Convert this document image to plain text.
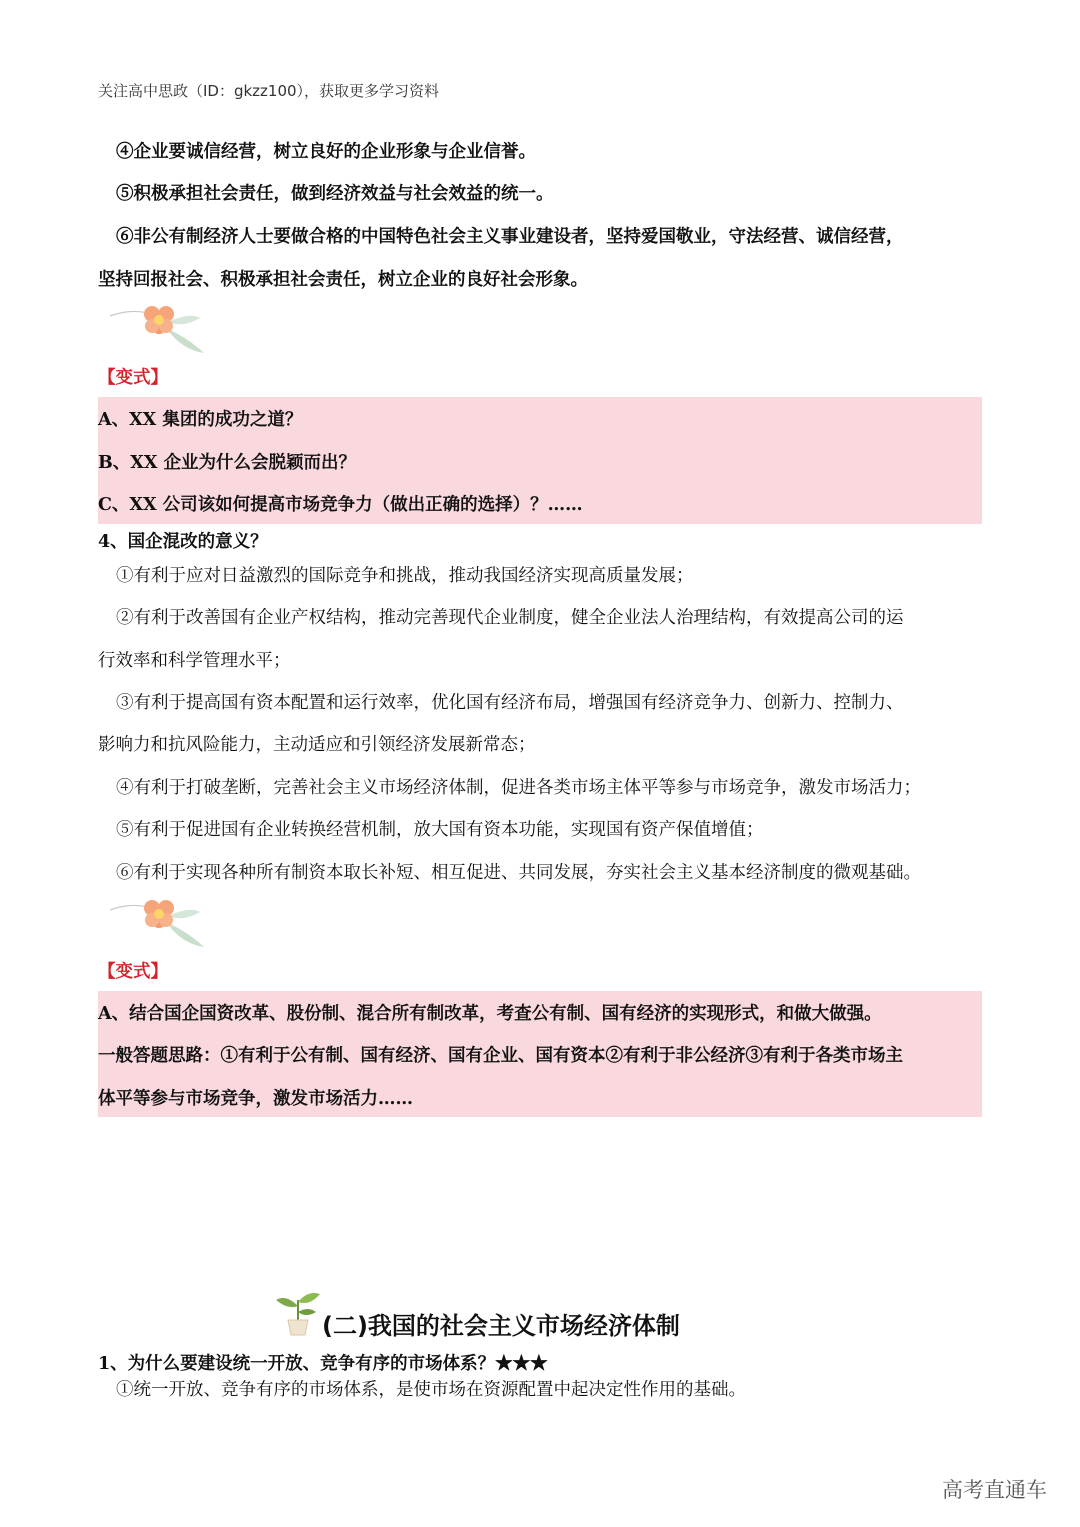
关注高中思政（ID：gkzz100），获取更多学习资料
④企业要诚信经营，树立良好的企业形象与企业信誉。
⑤积极承担社会责任，做到经济效益与社会效益的统一。
⑥非公有制经济人士要做合格的中国特色社会主义事业建设者，坚持爱国敬业，守法经营、诚信经营，
坚持回报社会、积极承担社会责任，树立企业的良好社会形象。
【变式】
A、XX 集团的成功之道？
B、XX 企业为什么会脱颖而出？
C、XX 公司该如何提高市场竞争力（做出正确的选择）？……
4、国企混改的意义？
①有利于应对日益激烈的国际竞争和挑战，推动我国经济实现高质量发展；
②有利于改善国有企业产权结构，推动完善现代企业制度，健全企业法人治理结构，有效提高公司的运
行效率和科学管理水平；
③有利于提高国有资本配置和运行效率，优化国有经济布局，增强国有经济竞争力、创新力、控制力、
影响力和抗风险能力，主动适应和引领经济发展新常态；
④有利于打破垄断，完善社会主义市场经济体制，促进各类市场主体平等参与市场竞争，激发市场活力；
⑤有利于促进国有企业转换经营机制，放大国有资本功能，实现国有资产保值增值；
⑥有利于实现各种所有制资本取长补短、相互促进、共同发展，夯实社会主义基本经济制度的微观基础。
【变式】
A、结合国企国资改革、股份制、混合所有制改革，考查公有制、国有经济的实现形式，和做大做强。
一般答题思路：①有利于公有制、国有经济、国有企业、国有资本②有利于非公经济③有利于各类市场主
体平等参与市场竞争，激发市场活力……
(二)我国的社会主义市场经济体制
1、为什么要建设统一开放、竞争有序的市场体系？★★★
①统一开放、竞争有序的市场体系，是使市场在资源配置中起决定性作用的基础。
高考直通车
